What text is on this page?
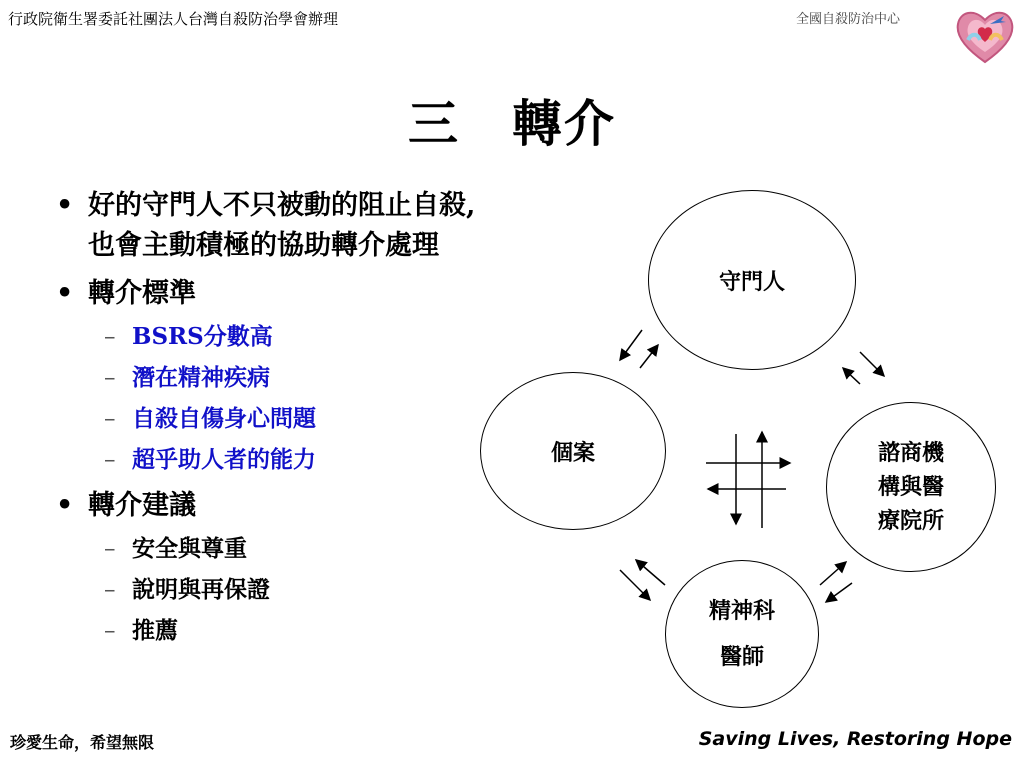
行政院衛生署委託社團法人台灣自殺防治學會辦理	全國自殺防治中心
三　轉介
• 好的守門人不只被動的阻止自殺,也會主動積極的協助轉介處理
• 轉介標準
– BSRS分數高
– 潛在精神疾病
– 自殺自傷身心問題
– 超乎助人者的能力
• 轉介建議
– 安全與尊重
– 說明與再保證
– 推薦
守門人
個案	諮商機
構與醫
療院所
精神科
醫師
珍愛生命，希望無限	Saving Lives, Restoring Hope
